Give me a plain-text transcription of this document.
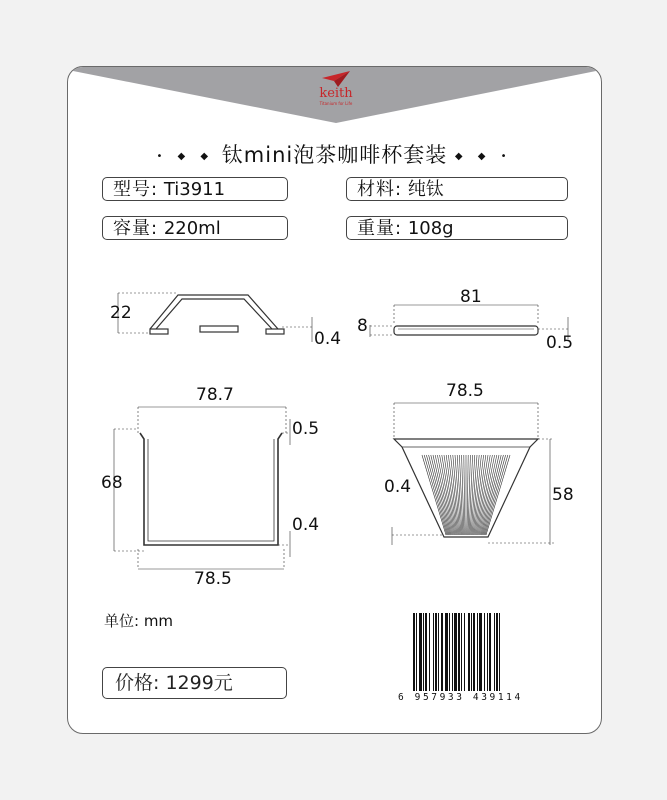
keith
Titanium for Life
• ◆ ◆ 钛mini泡茶咖啡杯套装 ◆ ◆ •
型号: Ti3911	材料: 纯钛
容量: 220ml	重量: 108g
22
0.4
81
8
0.5
78.7
0.5
68
0.4
78.5
78.5
0.4	58
单位: mm
价格: 1299元
6 957933 439114
